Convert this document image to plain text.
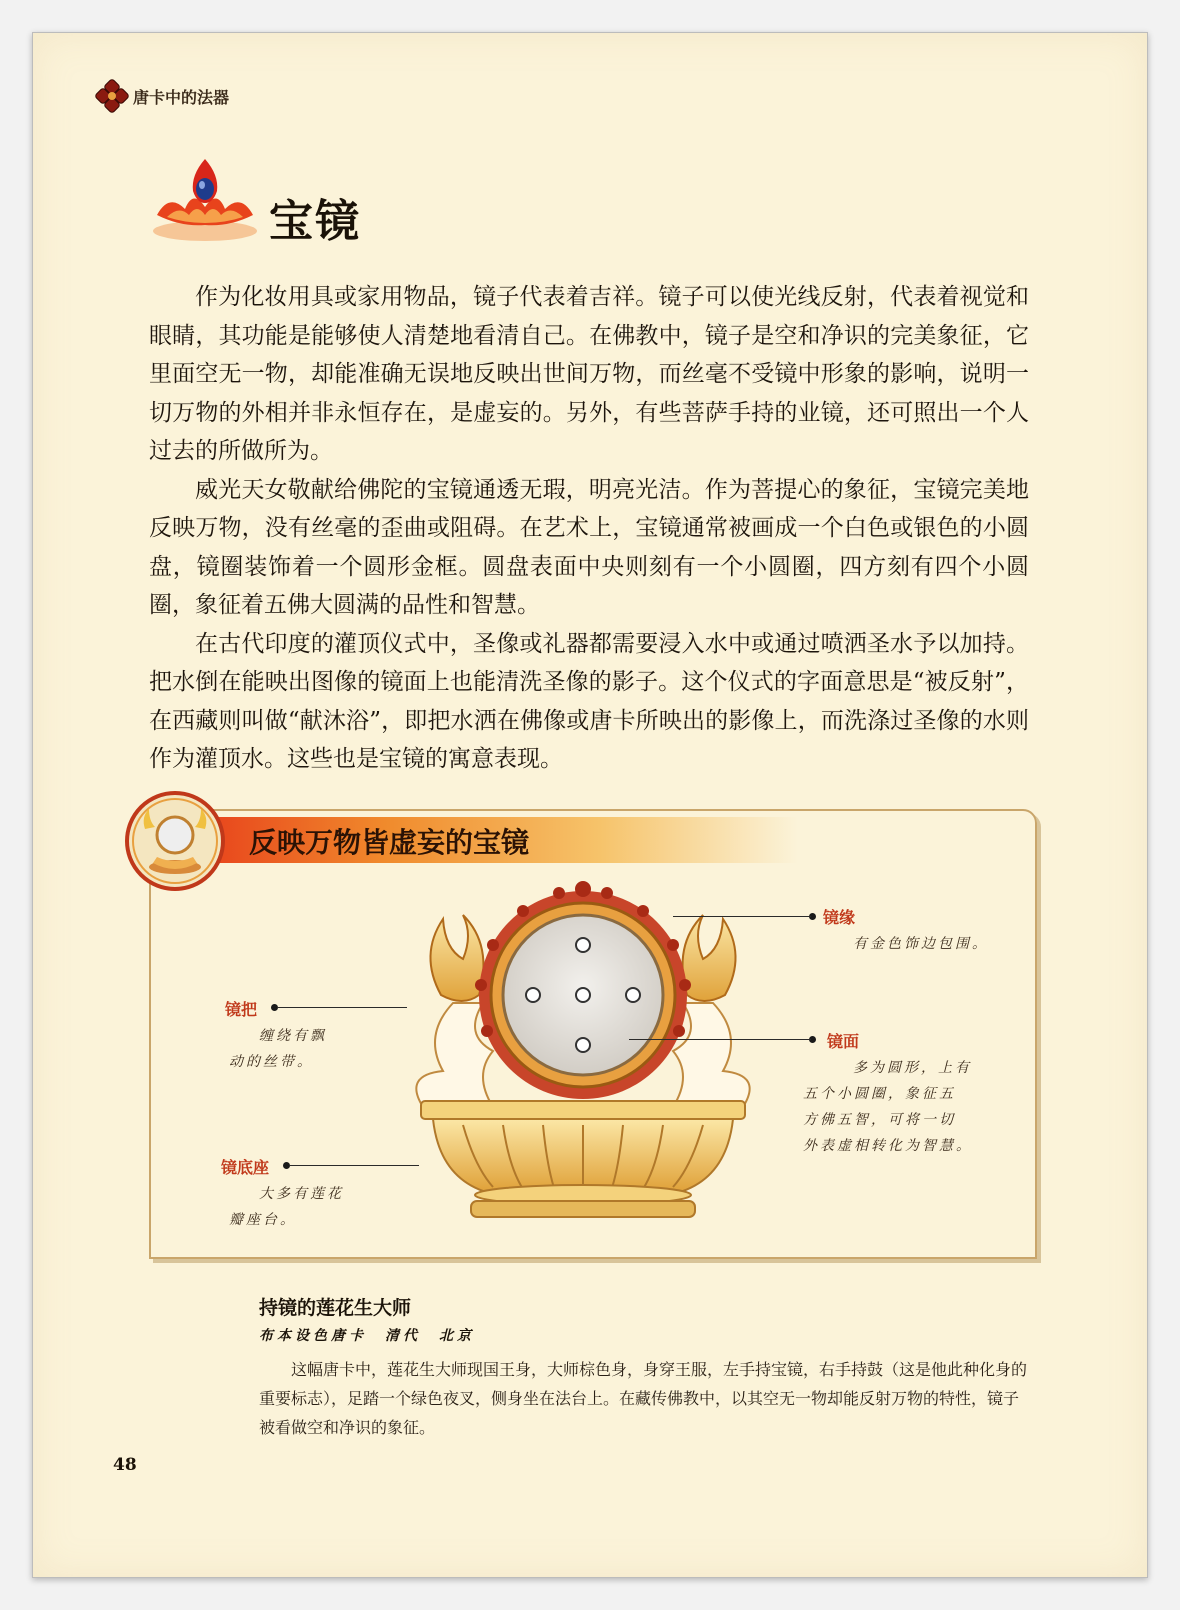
唐卡中的法器
宝镜

作为化妆用具或家用物品，镜子代表着吉祥。镜子可以使光线反射，代表着视觉和眼睛，其功能是能够使人清楚地看清自己。在佛教中，镜子是空和净识的完美象征，它里面空无一物，却能准确无误地反映出世间万物，而丝毫不受镜中形象的影响，说明一切万物的外相并非永恒存在，是虚妄的。另外，有些菩萨手持的业镜，还可照出一个人过去的所做所为。

威光天女敬献给佛陀的宝镜通透无瑕，明亮光洁。作为菩提心的象征，宝镜完美地反映万物，没有丝毫的歪曲或阻碍。在艺术上，宝镜通常被画成一个白色或银色的小圆盘，镜圈装饰着一个圆形金框。圆盘表面中央则刻有一个小圆圈，四方刻有四个小圆圈，象征着五佛大圆满的品性和智慧。

在古代印度的灌顶仪式中，圣像或礼器都需要浸入水中或通过喷洒圣水予以加持。把水倒在能映出图像的镜面上也能清洗圣像的影子。这个仪式的字面意思是“被反射”，在西藏则叫做“献沐浴”，即把水洒在佛像或唐卡所映出的影像上，而洗涤过圣像的水则作为灌顶水。这些也是宝镜的寓意表现。

反映万物皆虚妄的宝镜
镜缘
有金色饰边包围。
镜把
缠绕有飘
动的丝带。
镜面
多为圆形，上有
五个小圆圈，象征五
方佛五智，可将一切
外表虚相转化为智慧。
镜底座
大多有莲花
瓣座台。
持镜的莲花生大师
布本设色唐卡　清代　北京

这幅唐卡中，莲花生大师现国王身，大师棕色身，身穿王服，左手持宝镜，右手持鼓（这是他此种化身的重要标志），足踏一个绿色夜叉，侧身坐在法台上。在藏传佛教中，以其空无一物却能反射万物的特性，镜子被看做空和净识的象征。

48
